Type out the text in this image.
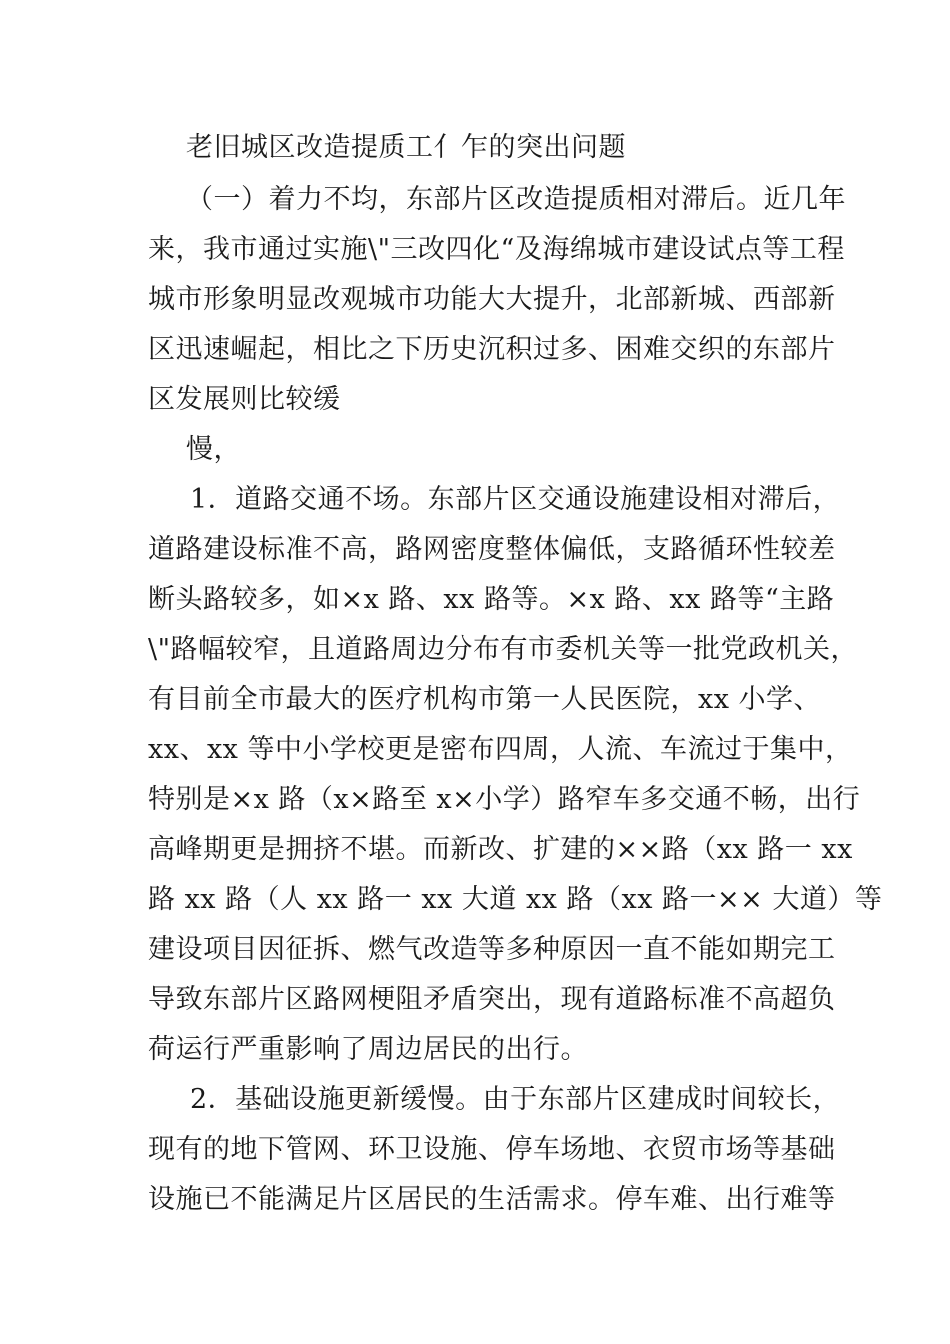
老旧城区改造提质工亻乍的突出问题
（一）着力不均，东部片区改造提质相对滞后。近几年
来，我市通过实施\"三改四化“及海绵城市建设试点等工程
城市形象明显改观城市功能大大提升，北部新城、西部新
区迅速崛起，相比之下历史沉积过多、困难交织的东部片
区发展则比较缓
慢，
1．道路交通不场。东部片区交通设施建设相对滞后，
道路建设标准不高，路网密度整体偏低，支路循环性较差
断头路较多，如×x 路、xx 路等。×x 路、xx 路等“主路
\"路幅较窄，且道路周边分布有市委机关等一批党政机关，
有目前全市最大的医疗机构市第一人民医院，xx 小学、
xx、xx 等中小学校更是密布四周，人流、车流过于集中，
特别是×x 路（x×路至 x×小学）路窄车多交通不畅，出行
高峰期更是拥挤不堪。而新改、扩建的××路（xx 路一 xx
路 xx 路（人 xx 路一 xx 大道 xx 路（xx 路一×× 大道）等
建设项目因征拆、燃气改造等多种原因一直不能如期完工
导致东部片区路网梗阻矛盾突出，现有道路标准不高超负
荷运行严重影响了周边居民的出行。
2．基础设施更新缓慢。由于东部片区建成时间较长，
现有的地下管网、环卫设施、停车场地、衣贸市场等基础
设施已不能满足片区居民的生活需求。停车难、出行难等
